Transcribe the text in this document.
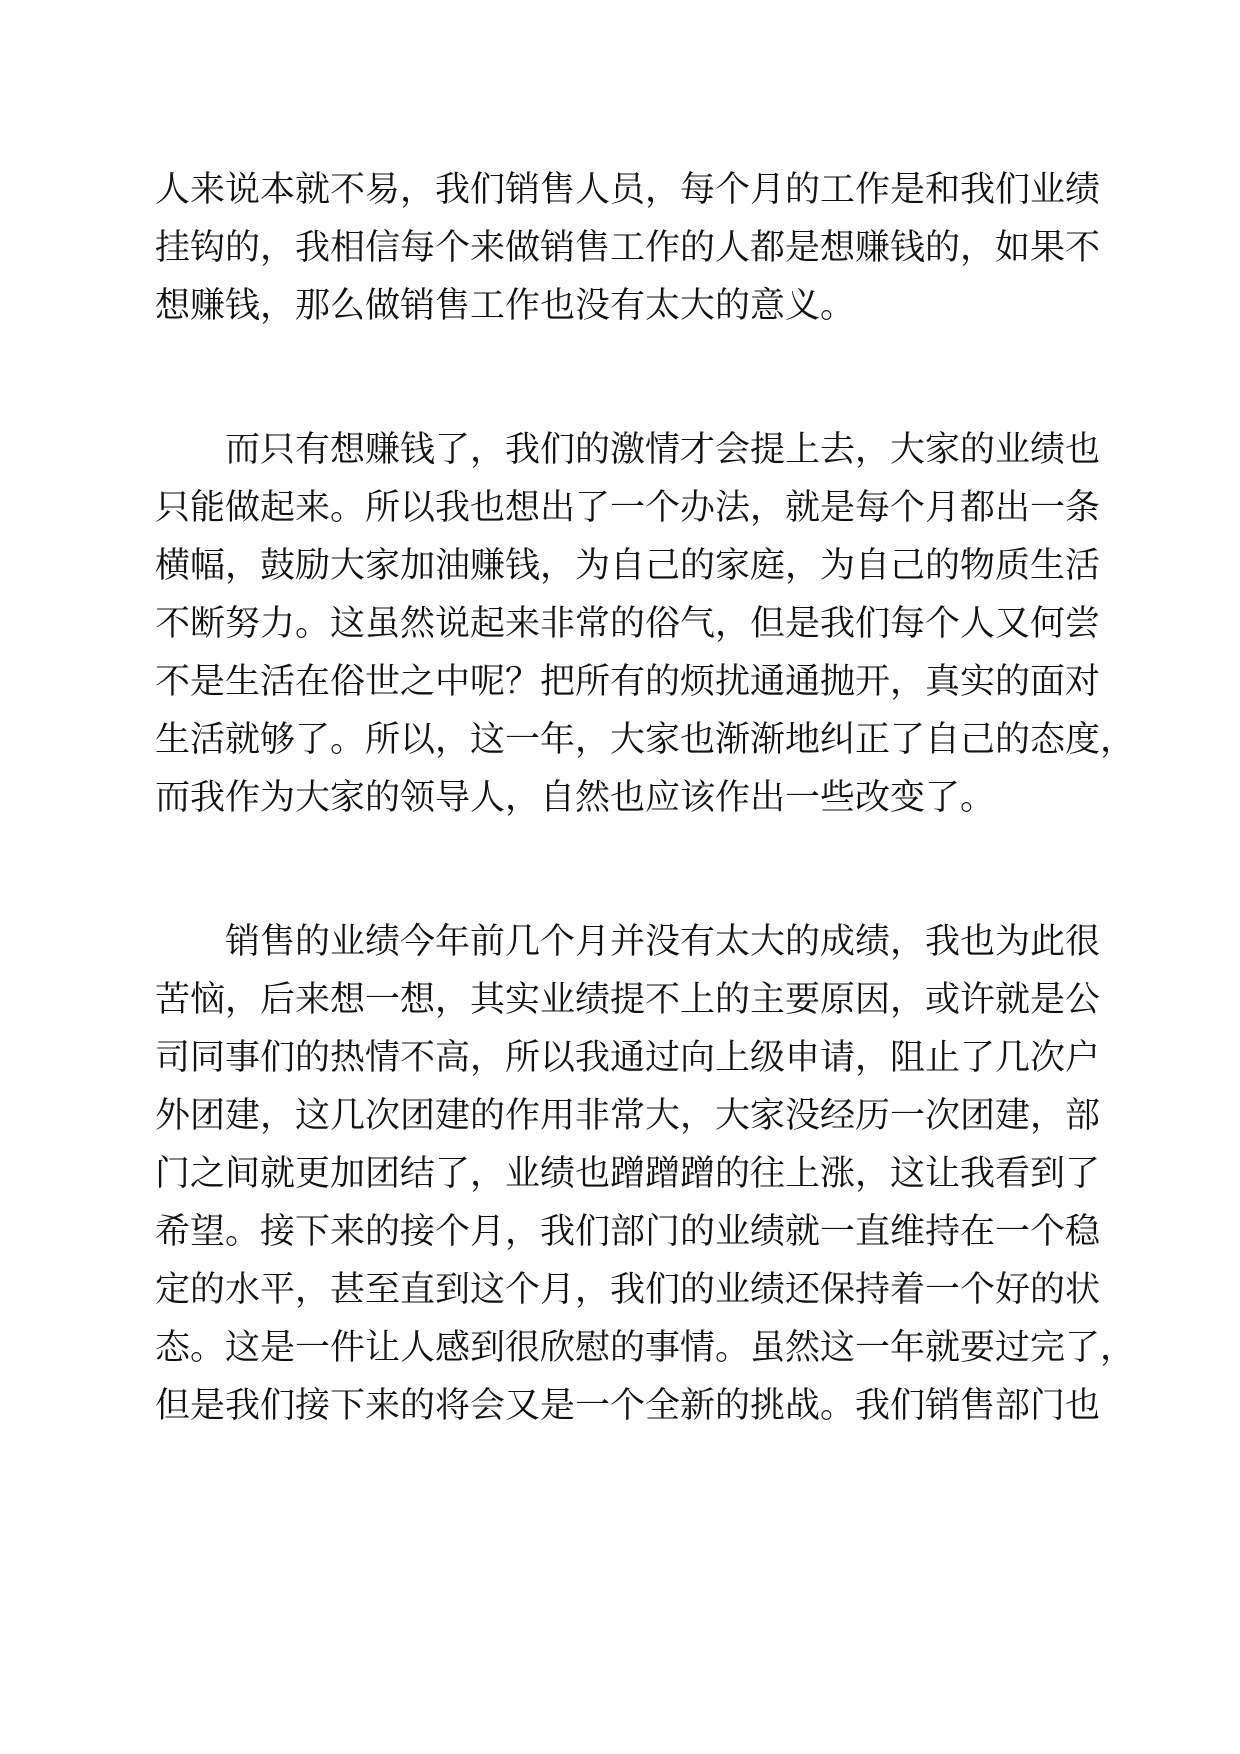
人来说本就不易，我们销售人员，每个月的工作是和我们业绩
挂钩的，我相信每个来做销售工作的人都是想赚钱的，如果不
想赚钱，那么做销售工作也没有太大的意义。
而只有想赚钱了，我们的激情才会提上去，大家的业绩也
只能做起来。所以我也想出了一个办法，就是每个月都出一条
横幅，鼓励大家加油赚钱，为自己的家庭，为自己的物质生活
不断努力。这虽然说起来非常的俗气，但是我们每个人又何尝
不是生活在俗世之中呢？把所有的烦扰通通抛开，真实的面对
生活就够了。所以，这一年，大家也渐渐地纠正了自己的态度，
而我作为大家的领导人，自然也应该作出一些改变了。
销售的业绩今年前几个月并没有太大的成绩，我也为此很
苦恼，后来想一想，其实业绩提不上的主要原因，或许就是公
司同事们的热情不高，所以我通过向上级申请，阻止了几次户
外团建，这几次团建的作用非常大，大家没经历一次团建，部
门之间就更加团结了，业绩也蹭蹭蹭的往上涨，这让我看到了
希望。接下来的接个月，我们部门的业绩就一直维持在一个稳
定的水平，甚至直到这个月，我们的业绩还保持着一个好的状
态。这是一件让人感到很欣慰的事情。虽然这一年就要过完了，
但是我们接下来的将会又是一个全新的挑战。我们销售部门也
